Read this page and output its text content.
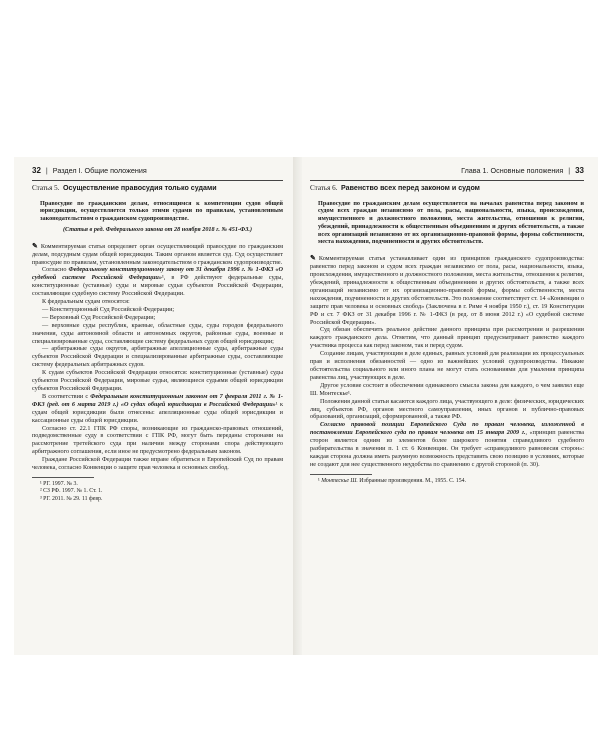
32 | Раздел I. Общие положения
Статья 5. Осуществление правосудия только судами

Правосудие по гражданским делам, относящимся к компетенции судов общей юрисдикции, осуществляется только этими судами по правилам, установленным законодательством о гражданском судопроизводстве.

(Статья в ред. Федерального закона от 28 ноября 2018 г. № 451-ФЗ.)

✎ Комментируемая статья определяет орган осуществляющий правосудие по гражданским делам, подсудным судам общей юрисдикции. Таким органом является суд. Суд осуществляет правосудие по правилам, установленным законодательством о гражданском судопроизводстве.

Согласно Федеральному конституционному закону от 31 декабря 1996 г. № 1-ФКЗ «О судебной системе Российской Федерации»¹, в РФ действуют федеральные суды, конституционные (уставные) суды и мировые судьи субъектов Российской Федерации, составляющие судебную систему Российской Федерации.

К федеральным судам относятся:

— Конституционный Суд Российской Федерации;

— Верховный Суд Российской Федерации;

— верховные суды республик, краевые, областные суды, суды городов федерального значения, суды автономной области и автономных округов, районные суды, военные и специализированные суды, составляющие систему федеральных судов общей юрисдикции;

— арбитражные суды округов, арбитражные апелляционные суды, арбитражные суды субъектов Российской Федерации и специализированные арбитражные суды, составляющие систему федеральных арбитражных судов.

К судам субъектов Российской Федерации относятся: конституционные (уставные) суды субъектов Российской Федерации, мировые судьи, являющиеся судьями общей юрисдикции субъектов Российской Федерации.

В соответствии с Федеральным конституционным законом от 7 февраля 2011 г. № 1-ФКЗ (ред. от 6 марта 2019 г.) «О судах общей юрисдикции в Российской Федерации»¹ к судам общей юрисдикции были отнесены: апелляционные суды общей юрисдикции и кассационные суды общей юрисдикции.

Согласно ст. 22.1 ГПК РФ споры, возникающие из гражданско-правовых отношений, подведомственные суду в соответствии с ГПК РФ, могут быть переданы сторонами на рассмотрение третейского суда при наличии между сторонами спора действующего арбитражного соглашения, если иное не предусмотрено федеральным законом.

Граждане Российской Федерации также вправе обратиться в Европейский Суд по правам человека, согласно Конвенции о защите прав человека и основных свобод.

¹ РГ. 1997. № 3.

² СЗ РФ. 1997. № 1. Ст. 1.

³ РГ. 2011. № 29. 11 февр.

Глава 1. Основные положения | 33
Статья 6. Равенство всех перед законом и судом

Правосудие по гражданским делам осуществляется на началах равенства перед законом и судом всех граждан независимо от пола, расы, национальности, языка, происхождения, имущественного и должностного положения, места жительства, отношения к религии, убеждений, принадлежности к общественным объединениям и других обстоятельств, а также всех организаций независимо от их организационно-правовой формы, формы собственности, места нахождения, подчиненности и других обстоятельств.

✎ Комментируемая статья устанавливает один из принципов гражданского судопроизводства: равенство перед законом и судом всех граждан независимо от пола, расы, национальности, языка, происхождения, имущественного и должностного положения, места жительства, отношения к религии, убеждений, принадлежности к общественным объединениям и других обстоятельств, а также всех организаций независимо от их организационно-правовой формы, формы собственности, места нахождения, подчиненности и других обстоятельств. Это положение соответствует ст. 14 «Конвенции о защите прав человека и основных свобод» (Заключена в г. Риме 4 ноября 1950 г.), ст. 19 Конституции РФ и ст. 7 ФКЗ от 31 декабря 1996 г. № 1-ФКЗ (в ред. от 8 июня 2012 г.) «О судебной системе Российской Федерации».

Суд обязан обеспечить реальное действие данного принципа при рассмотрении и разрешении каждого гражданского дела. Отметим, что данный принцип предусматривает равенство каждого участника процесса как перед законом, так и перед судом.

Создание лицам, участвующим в деле единых, равных условий для реализации их процессуальных прав и исполнения обязанностей — одно из важнейших условий судопроизводства. Никакие обстоятельства социального или иного плана не могут стать основаниями для умаления принципа равенства лиц, участвующих в деле.

Другое условие состоит в обеспечении одинакового смысла закона для каждого, о чем заявлял еще Ш. Монтескье¹.

Положения данной статьи касаются каждого лица, участвующего в деле: физических, юридических лиц, субъектов РФ, органов местного самоуправления, иных органов и публично-правовых образований, организаций, сформированной, а также РФ.

Согласно правовой позиции Европейского Суда по правам человека, изложенной в постановлении Европейского суда по правам человека от 15 января 2009 г., «принцип равенства сторон является одним из элементов более широкого понятия справедливого судебного разбирательства в значении п. 1 ст. 6 Конвенции. Он требует «справедливого равновесия сторон»: каждая сторона должна иметь разумную возможность представить свою позицию в условиях, которые не создают для нее существенного неудобства по сравнению с другой стороной (п. 30).

¹ Монтескье Ш. Избранные произведения. М., 1955. С. 154.
